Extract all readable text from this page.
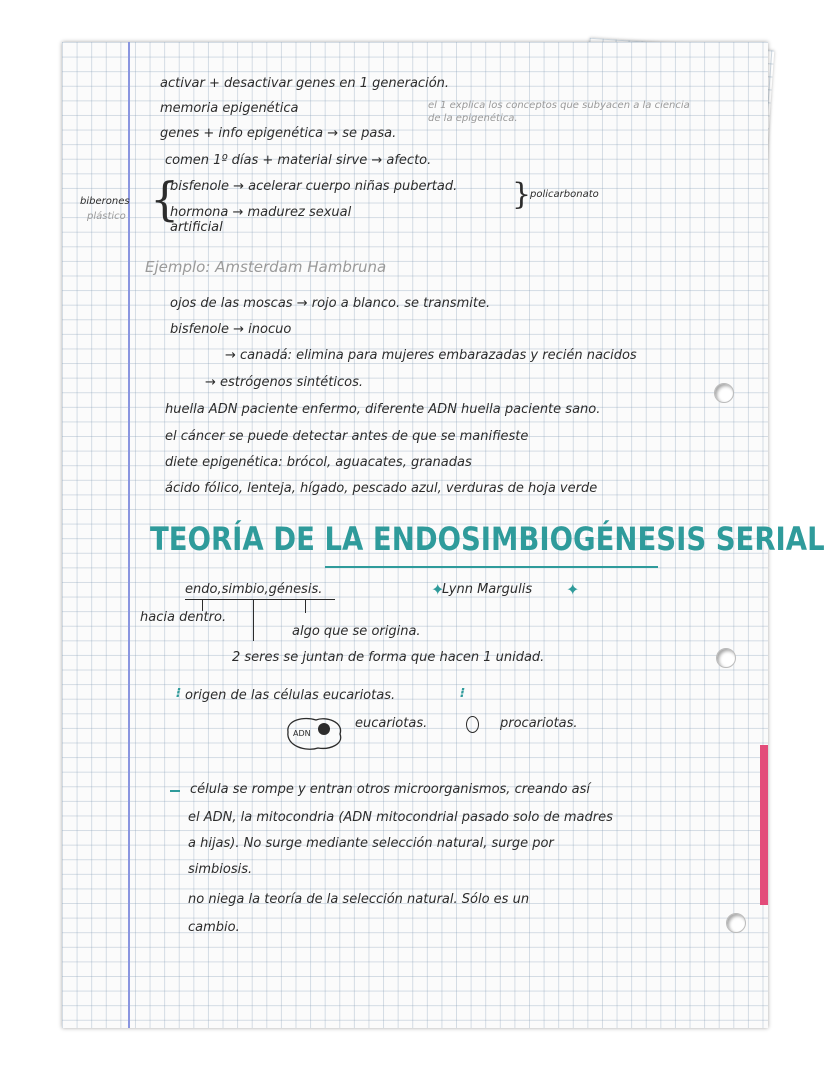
activar + desactivar genes en 1 generación.
memoria epigenética
genes + info epigenética → se pasa.
el 1 explica los conceptos que subyacen a la ciencia de la epigenética.
comen 1º días + material sirve → afecto.
biberones
plástico {
bisfenole → acelerar cuerpo niñas pubertad. }
policarbonato
hormona → madurez sexual
artificial
Ejemplo: Amsterdam Hambruna
ojos de las moscas → rojo a blanco. se transmite.
bisfenole → inocuo
→ canadá: elimina para mujeres embarazadas y recién nacidos
→ estrógenos sintéticos.
huella ADN paciente enfermo, diferente ADN huella paciente sano.
el cáncer se puede detectar antes de que se manifieste
diete epigenética: brócol, aguacates, granadas
ácido fólico, lenteja, hígado, pescado azul, verduras de hoja verde
TEORÍA DE LA ENDOSIMBIOGÉNESIS SERIAL
endo,simbio,génesis.	Lynn Margulis
✦	✦
hacia dentro.
algo que se origina.
2 seres se juntan de forma que hacen 1 unidad.
⁝ origen de las células eucariotas.	⁝
ADN
eucariotas.	procariotas.
célula se rompe y entran otros microorganismos, creando así
el ADN, la mitocondria (ADN mitocondrial pasado solo de madres
a hijas). No surge mediante selección natural, surge por
simbiosis.
no niega la teoría de la selección natural. Sólo es un
cambio.
